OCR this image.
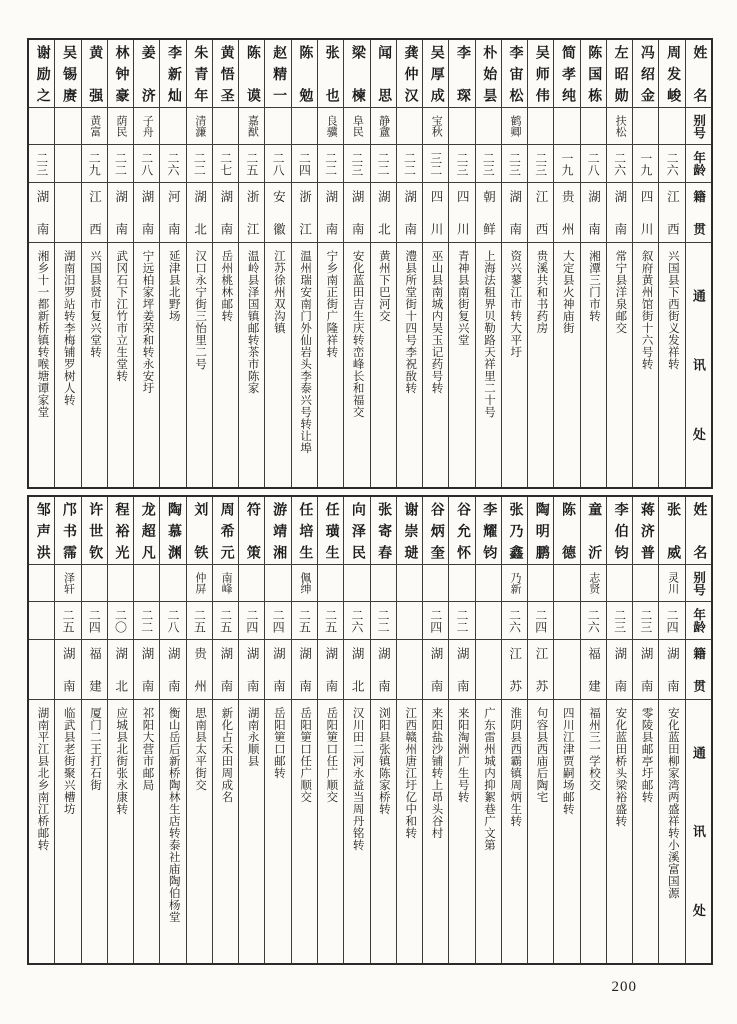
姓名
别号
年龄
籍贯
通讯处
周发峻
二六
江西
兴国县下西街义发祥转
冯绍金
一九
四川
叙府黄州馆街十六号转
左昭勋
扶松
二六
湖南
常宁县洋泉邮交
陈国栋
二八
湖南
湘潭三门市转
简孝纯
一九
贵州
大定县火神庙街
吴师伟
二三
江西
贵溪共和书药房
李宙松
鹤卿
二三
湖南
资兴蓼江市转大平圩
朴始昙
二三
朝鲜
上海法租界贝勒路天祥里二十号
李琛
二三
四川
青神县南街复兴堂
吴厚成
宝秋
三二
四川
巫山县南城内吴玉记药号转
龚仲汉
二二
湖南
澧县所堂街十四号李祝敔转
闻思
静盦
二二
湖北
黄州下巴河交
梁楝
阜民
二三
湖南
安化蓝田吉生庆转峦峰长和福交
张也
良骥
二二
湖南
宁乡南正街广隆祥转
陈勉
二四
浙江
温州瑞安南门外仙岩头李泰兴号转让埠
赵精一
二八
安徽
江苏徐州双沟镇
陈谟
嘉猷
二五
浙江
温岭县泽国镇邮转茶市陈家
黄悟圣
二七
湖南
岳州桃林邮转
朱青年
清濂
二二
湖北
汉口永宁街三怡里二号
李新灿
二六
河南
延津县北野场
姜济
子舟
二八
湖南
宁远柏家坪姜荣和转永安圩
林钟豪
荫民
二二
湖南
武冈石下江竹市立生堂转
黄强
黄富
二九
江西
兴国县贤市复兴堂转
吴锡赓
湖南汨罗站转李梅铺罗树人转
谢励之
二三
湖南
湘乡十一都新桥镇转喉塘谭家堂
姓名
别号
年龄
籍贯
通讯处
张威
灵川
二四
湖南
安化蓝田柳家湾两盛祥转小溪富国源
蒋济普
二三
湖南
零陵县邮亭圩邮转
李伯钧
二三
湖南
安化蓝田桥头梁裕盛转
童沂
志贤
二六
福建
福州三一学校交
陈德
四川江津贾嗣场邮转
陶明鹏
二四
江苏
句容县西庙后陶宅
张乃鑫
乃新
二六
江苏
淮阴县西霸镇周炳生转
李耀钧
广东雷州城内抑絮巷广文第
谷允怀
二二
湖南
来阳淘洲广生号转
谷炳奎
二四
湖南
来阳盐沙铺转上昂头谷村
谢崇琎
江西赣州唐江圩亿中和转
张寄春
二二
湖南
浏阳县张镇陈家桥转
向泽民
二六
湖北
汉川田二河永益当周丹铭转
任璜生
二五
湖南
岳阳筻口任广顺交
任培生
佩绅
二五
湖南
岳阳筻口任广顺交
游靖湘
二四
湖南
岳阳筻口邮转
符策
二四
湖南
湖南永顺县
周希元
南峰
二五
湖南
新化占禾田周成名
刘铁
仲屏
二五
贵州
思南县太平街交
陶慕渊
二八
湖南
衡山岳后新桥陶林生店转泰社庙陶伯杨堂
龙超凡
二二
湖南
祁阳大营市邮局
程裕光
二〇
湖北
应城县北街张永康转
许世钦
二四
福建
厦门二王打石街
邝书霈
泽轩
二五
湖南
临武县老街聚兴槽坊
邹声洪
湖南平江县北乡南江桥邮转
200
